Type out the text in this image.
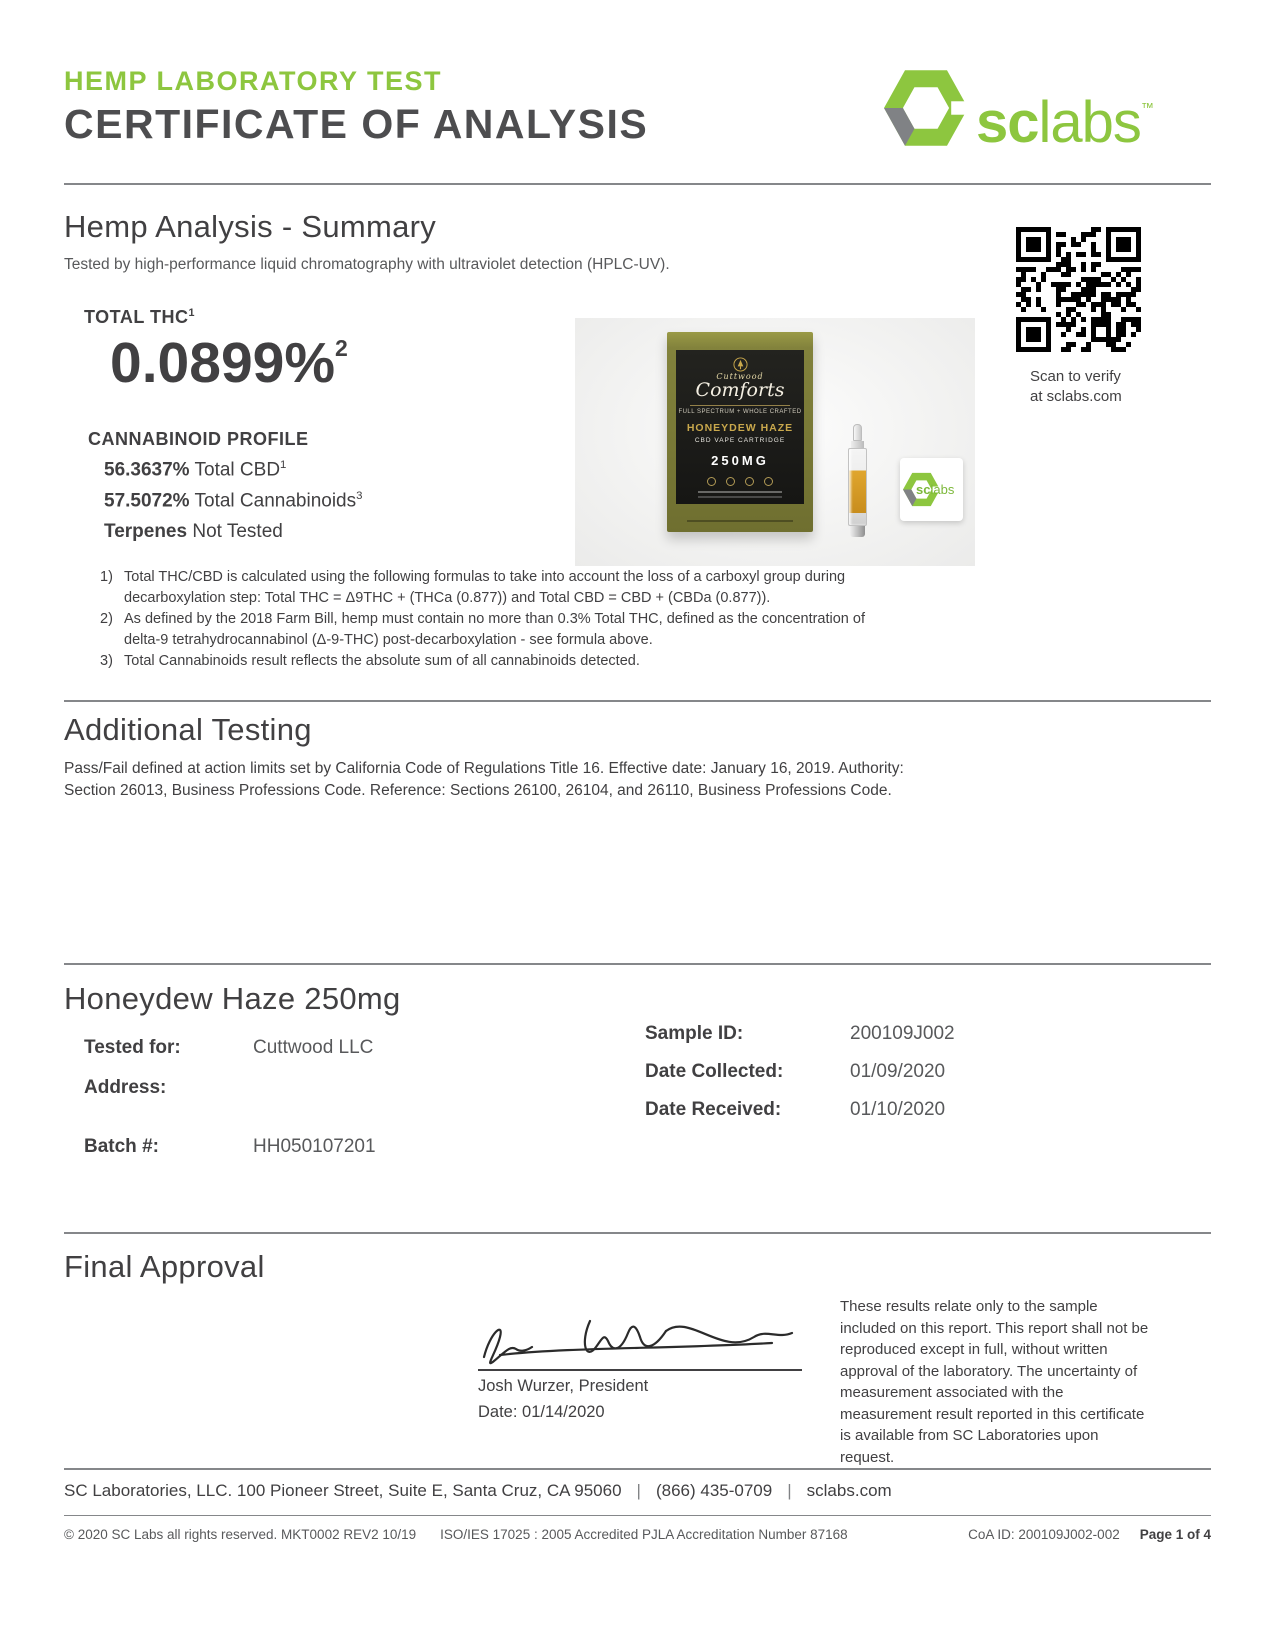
HEMP LABORATORY TEST
CERTIFICATE OF ANALYSIS	sclabs™
Hemp Analysis - Summary
Tested by high-performance liquid chromatography with ultraviolet detection (HPLC-UV).
TOTAL THC$^1$
0.0899%$^2$
CANNABINOID PROFILE
56.3637% Total CBD$^1$
57.5072% Total Cannabinoids$^3$
Terpenes Not Tested
Cuttwood
Comforts
FULL SPECTRUM + WHOLE CRAFTED
HONEYDEW HAZE
CBD VAPE CARTRIDGE
250MG
sclabs
Scan to verify
at sclabs.com
1) Total THC/CBD is calculated using the following formulas to take into account the loss of a carboxyl group during decarboxylation step: Total THC = Δ9THC + (THCa (0.877)) and Total CBD = CBD + (CBDa (0.877)).
2) As defined by the 2018 Farm Bill, hemp must contain no more than 0.3% Total THC, defined as the concentration of delta-9 tetrahydrocannabinol (Δ-9-THC) post-decarboxylation - see formula above.
3) Total Cannabinoids result reflects the absolute sum of all cannabinoids detected.
Additional Testing
Pass/Fail defined at action limits set by California Code of Regulations Title 16. Effective date: January 16, 2019. Authority: Section 26013, Business Professions Code. Reference: Sections 26100, 26104, and 26110, Business Professions Code.
Honeydew Haze 250mg
Tested for:	Cuttwood LLC
Address:
Batch #:	HH050107201
Sample ID:	200109J002
Date Collected:	01/09/2020
Date Received:	01/10/2020
Final Approval
Josh Wurzer, President
Date: 01/14/2020
These results relate only to the sample included on this report. This report shall not be reproduced except in full, without written approval of the laboratory. The uncertainty of measurement associated with the measurement result reported in this certificate is available from SC Laboratories upon request.
SC Laboratories, LLC. 100 Pioneer Street, Suite E, Santa Cruz, CA 95060 | (866) 435-0709 | sclabs.com
© 2020 SC Labs all rights reserved. MKT0002 REV2 10/19 ISO/IES 17025 : 2005 Accredited PJLA Accreditation Number 87168	CoA ID: 200109J002-002 Page 1 of 4
